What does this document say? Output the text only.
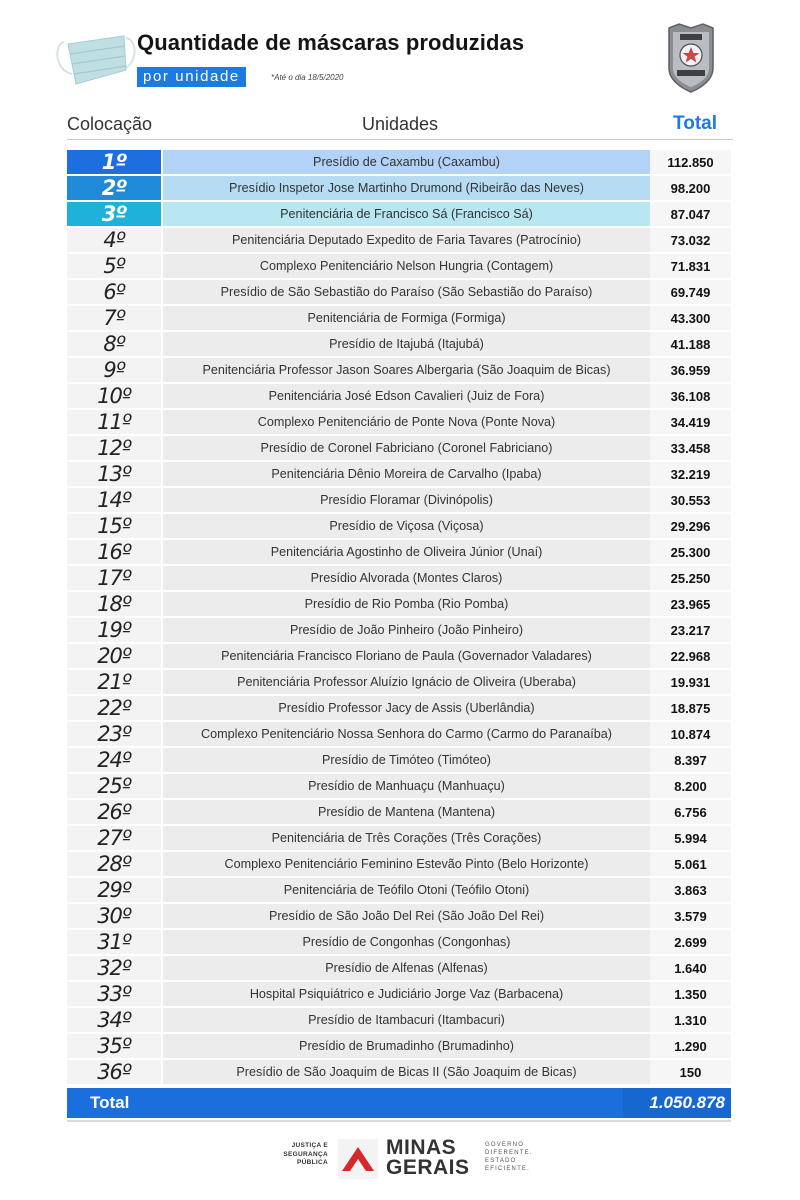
Quantidade de máscaras produzidas
por unidade	*Até o dia 18/5/2020
Colocação	Unidades	Total
1º	Presídio de Caxambu (Caxambu)	112.850
2º	Presídio Inspetor Jose Martinho Drumond (Ribeirão das Neves)	98.200
3º	Penitenciária de Francisco Sá (Francisco Sá)	87.047
4º	Penitenciária Deputado Expedito de Faria Tavares (Patrocínio)	73.032
5º	Complexo Penitenciário Nelson Hungria (Contagem)	71.831
6º	Presídio de São Sebastião do Paraíso (São Sebastião do Paraíso)	69.749
7º	Penitenciária de Formiga (Formiga)	43.300
8º	Presídio de Itajubá (Itajubá)	41.188
9º	Penitenciária Professor Jason Soares Albergaria (São Joaquim de Bicas)	36.959
10º	Penitenciária José Edson Cavalieri (Juiz de Fora)	36.108
11º	Complexo Penitenciário de Ponte Nova (Ponte Nova)	34.419
12º	Presídio de Coronel Fabriciano (Coronel Fabriciano)	33.458
13º	Penitenciária Dênio Moreira de Carvalho (Ipaba)	32.219
14º	Presídio Floramar (Divinópolis)	30.553
15º	Presídio de Viçosa (Viçosa)	29.296
16º	Penitenciária Agostinho de Oliveira Júnior (Unaí)	25.300
17º	Presídio Alvorada (Montes Claros)	25.250
18º	Presídio de Rio Pomba (Rio Pomba)	23.965
19º	Presídio de João Pinheiro (João Pinheiro)	23.217
20º	Penitenciária Francisco Floriano de Paula (Governador Valadares)	22.968
21º	Penitenciária Professor Aluízio Ignácio de Oliveira (Uberaba)	19.931
22º	Presídio Professor Jacy de Assis (Uberlândia)	18.875
23º	Complexo Penitenciário Nossa Senhora do Carmo (Carmo do Paranaíba)	10.874
24º	Presídio de Timóteo (Timóteo)	8.397
25º	Presídio de Manhuaçu (Manhuaçu)	8.200
26º	Presídio de Mantena (Mantena)	6.756
27º	Penitenciária de Três Corações (Três Corações)	5.994
28º	Complexo Penitenciário Feminino Estevão Pinto (Belo Horizonte)	5.061
29º	Penitenciária de Teófilo Otoni (Teófilo Otoni)	3.863
30º	Presídio de São João Del Rei (São João Del Rei)	3.579
31º	Presídio de Congonhas (Congonhas)	2.699
32º	Presídio de Alfenas (Alfenas)	1.640
33º	Hospital Psiquiátrico e Judiciário Jorge Vaz (Barbacena)	1.350
34º	Presídio de Itambacuri (Itambacuri)	1.310
35º	Presídio de Brumadinho (Brumadinho)	1.290
36º	Presídio de São Joaquim de Bicas II (São Joaquim de Bicas)	150
Total	1.050.878
JUSTIÇA E
SEGURANÇA
PÚBLICA
MINAS
GERAIS
GOVERNO
DIFERENTE.
ESTADO
EFICIENTE.
